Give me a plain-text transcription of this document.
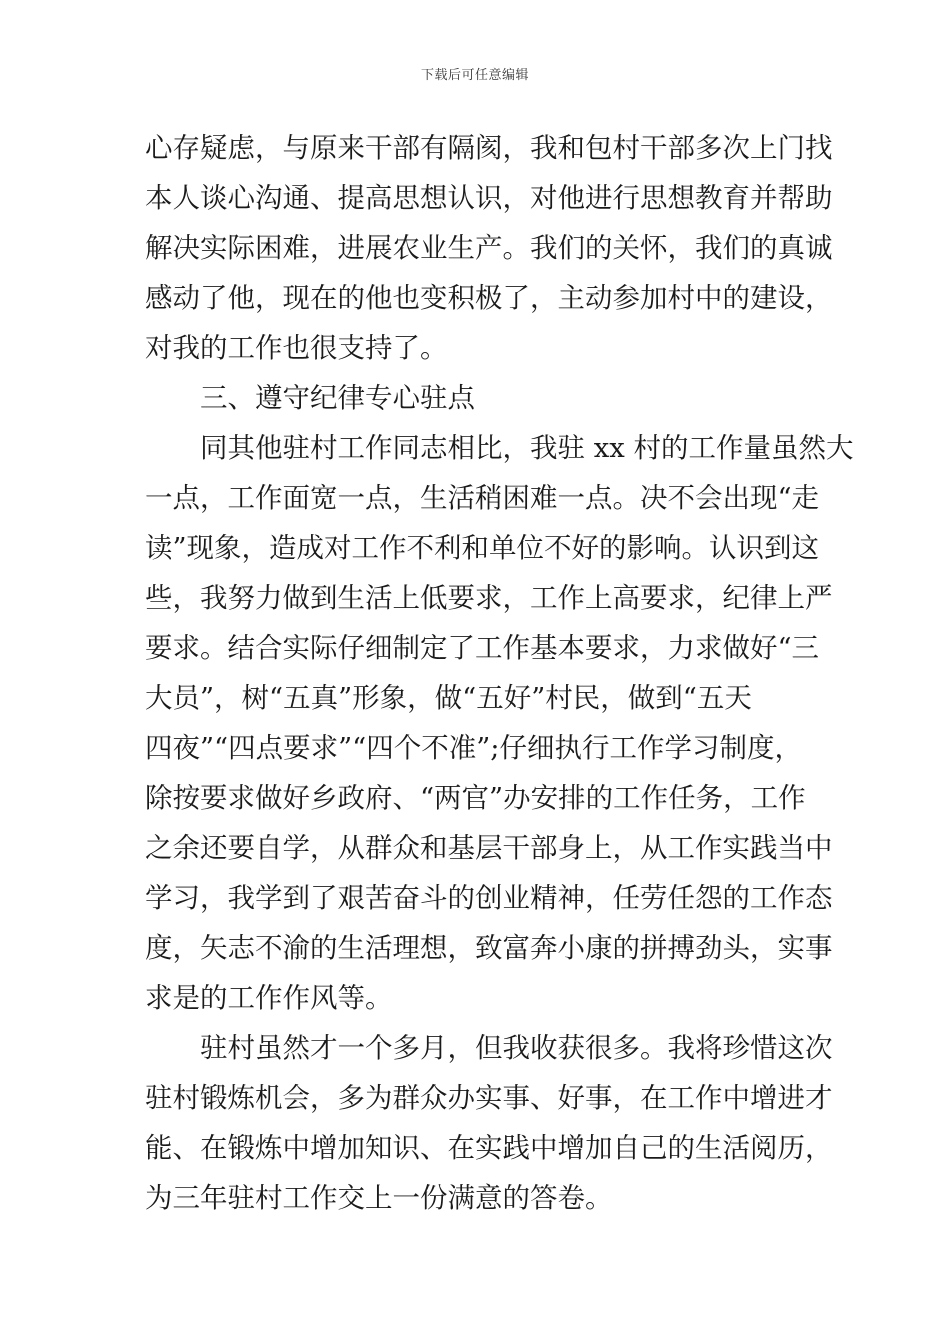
下载后可任意编辑
心存疑虑，与原来干部有隔阂，我和包村干部多次上门找
本人谈心沟通、提高思想认识，对他进行思想教育并帮助
解决实际困难，进展农业生产。我们的关怀，我们的真诚
感动了他，现在的他也变积极了，主动参加村中的建设，
对我的工作也很支持了。
三、遵守纪律专心驻点
同其他驻村工作同志相比，我驻 xx 村的工作量虽然大
一点，工作面宽一点，生活稍困难一点。决不会出现“走
读”现象，造成对工作不利和单位不好的影响。认识到这
些，我努力做到生活上低要求，工作上高要求，纪律上严
要求。结合实际仔细制定了工作基本要求，力求做好“三
大员”，树“五真”形象，做“五好”村民，做到“五天
四夜”“四点要求”“四个不准”;仔细执行工作学习制度，
除按要求做好乡政府、“两官”办安排的工作任务，工作
之余还要自学，从群众和基层干部身上，从工作实践当中
学习，我学到了艰苦奋斗的创业精神，任劳任怨的工作态
度，矢志不渝的生活理想，致富奔小康的拼搏劲头，实事
求是的工作作风等。
驻村虽然才一个多月，但我收获很多。我将珍惜这次
驻村锻炼机会，多为群众办实事、好事，在工作中增进才
能、在锻炼中增加知识、在实践中增加自己的生活阅历，
为三年驻村工作交上一份满意的答卷。
